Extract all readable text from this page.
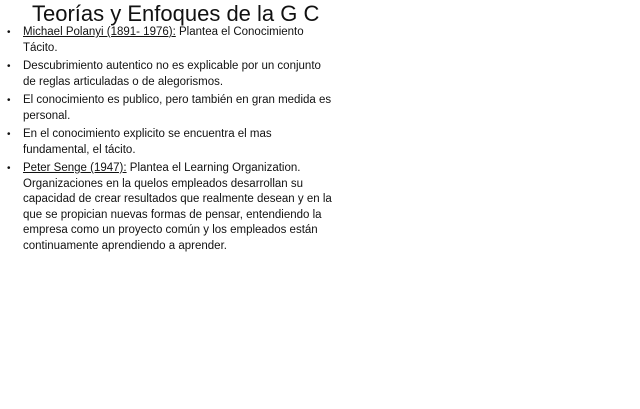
Teorías y Enfoques de la G C
• Michael Polanyi (1891- 1976): Plantea el Conocimiento Tácito.
• Descubrimiento autentico no es explicable por un conjunto de reglas articuladas o de alegorismos.
• El conocimiento es publico, pero también en gran medida es personal.
• En el conocimiento explicito se encuentra el mas fundamental, el tácito.
• Peter Senge (1947): Plantea el Learning Organization. Organizaciones en la quelos empleados desarrollan su capacidad de crear resultados que realmente desean y en la que se propician nuevas formas de pensar, entendiendo la empresa como un proyecto común y los empleados están continuamente aprendiendo a aprender.
